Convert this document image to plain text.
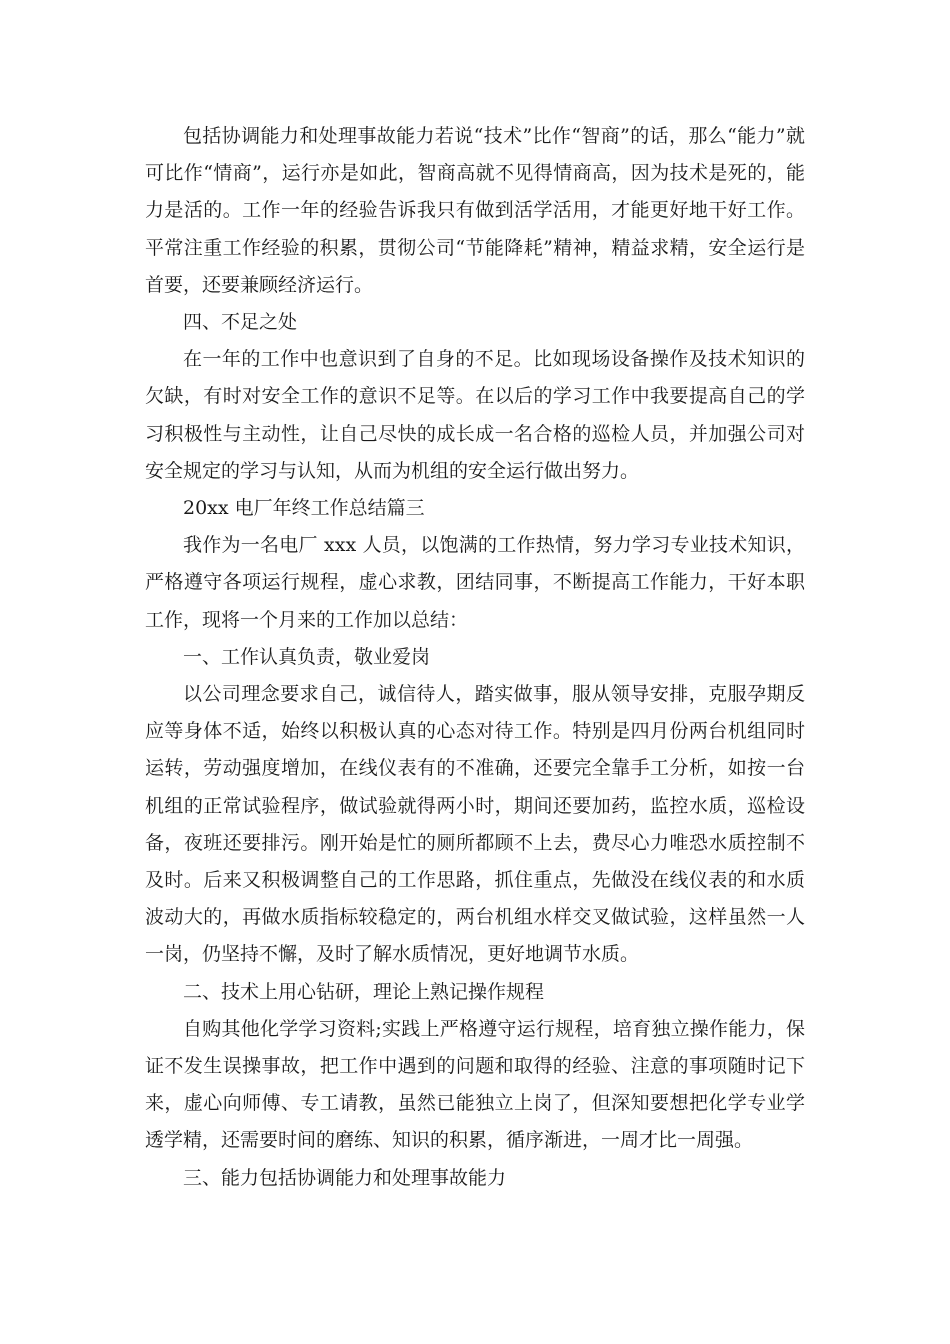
包括协调能力和处理事故能力若说“技术”比作“智商”的话，那么“能力”就可比作“情商”，运行亦是如此，智商高就不见得情商高，因为技术是死的，能力是活的。工作一年的经验告诉我只有做到活学活用，才能更好地干好工作。平常注重工作经验的积累，贯彻公司“节能降耗”精神，精益求精，安全运行是首要，还要兼顾经济运行。

四、不足之处

在一年的工作中也意识到了自身的不足。比如现场设备操作及技术知识的欠缺，有时对安全工作的意识不足等。在以后的学习工作中我要提高自己的学习积极性与主动性，让自己尽快的成长成一名合格的巡检人员，并加强公司对安全规定的学习与认知，从而为机组的安全运行做出努力。

20xx 电厂年终工作总结篇三

我作为一名电厂 xxx 人员，以饱满的工作热情，努力学习专业技术知识，严格遵守各项运行规程，虚心求教，团结同事，不断提高工作能力，干好本职工作，现将一个月来的工作加以总结：

一、工作认真负责，敬业爱岗

以公司理念要求自己，诚信待人，踏实做事，服从领导安排，克服孕期反应等身体不适，始终以积极认真的心态对待工作。特别是四月份两台机组同时运转，劳动强度增加，在线仪表有的不准确，还要完全靠手工分析，如按一台机组的正常试验程序，做试验就得两小时，期间还要加药，监控水质，巡检设备，夜班还要排污。刚开始是忙的厕所都顾不上去，费尽心力唯恐水质控制不及时。后来又积极调整自己的工作思路，抓住重点，先做没在线仪表的和水质波动大的，再做水质指标较稳定的，两台机组水样交叉做试验，这样虽然一人一岗，仍坚持不懈，及时了解水质情况，更好地调节水质。

二、技术上用心钻研，理论上熟记操作规程

自购其他化学学习资料;实践上严格遵守运行规程，培育独立操作能力，保证不发生误操事故，把工作中遇到的问题和取得的经验、注意的事项随时记下来，虚心向师傅、专工请教，虽然已能独立上岗了，但深知要想把化学专业学透学精，还需要时间的磨练、知识的积累，循序渐进，一周才比一周强。

三、能力包括协调能力和处理事故能力
